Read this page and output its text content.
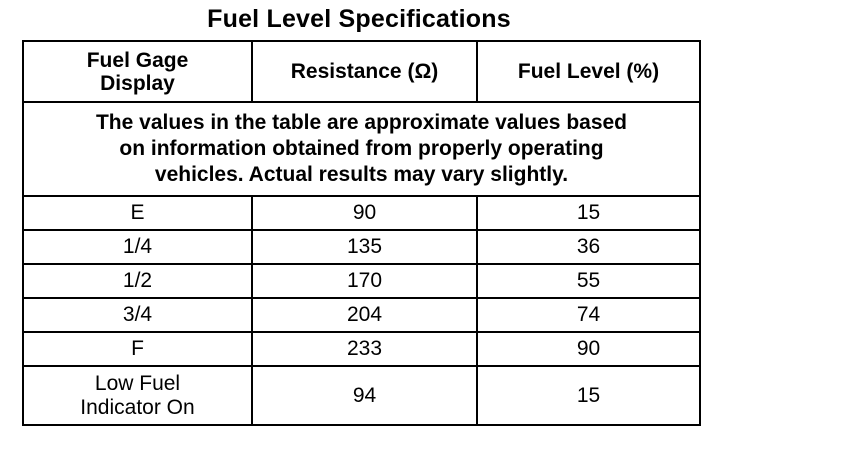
Fuel Level Specifications
Fuel Gage
Display	Resistance (Ω)	Fuel Level (%)

The values in the table are approximate values based
on information obtained from properly operating
vehicles. Actual results may vary slightly.		

E	90	15
1/4	135	36
1/2	170	55
3/4	204	74
F	233	90

Low Fuel
Indicator On	94	15
